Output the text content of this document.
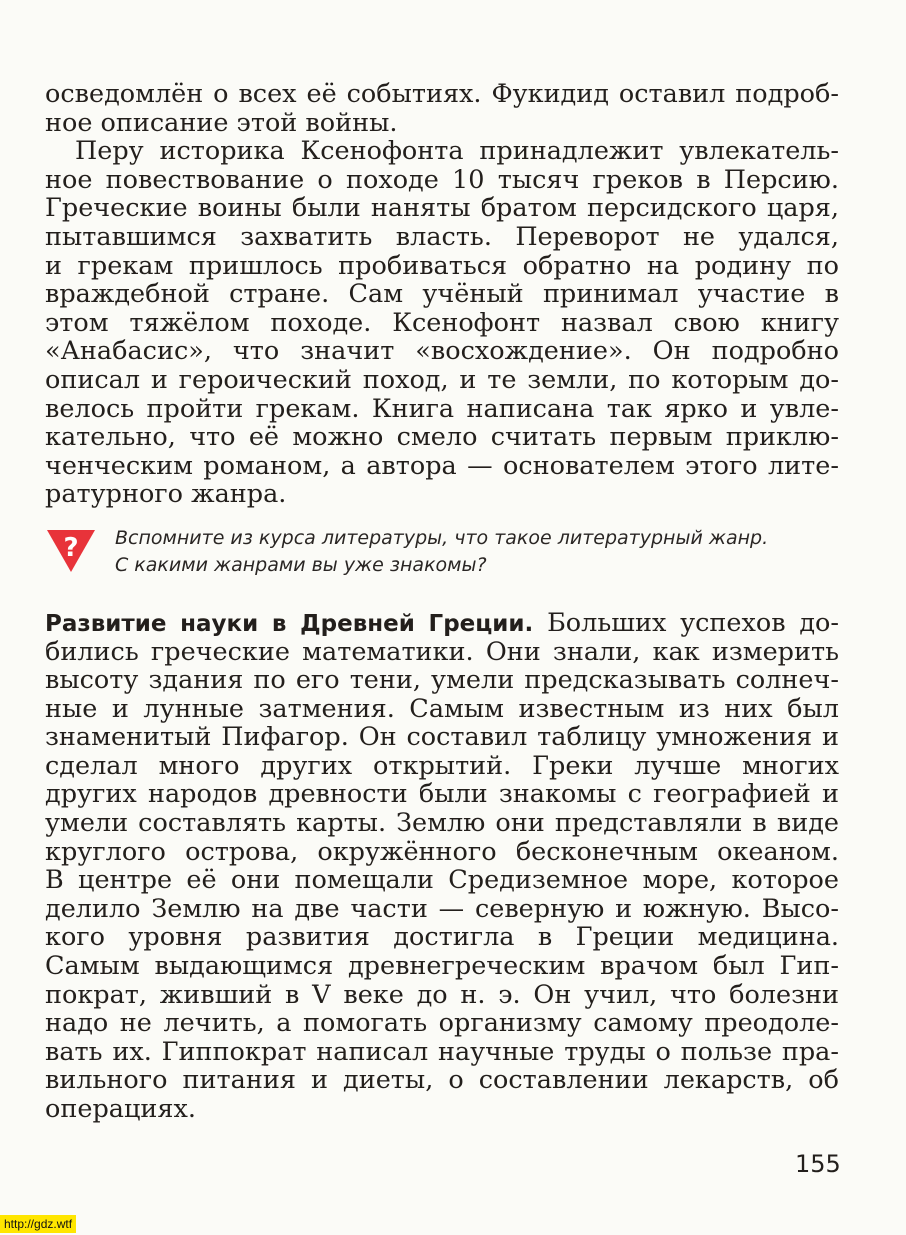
осведомлён о всех её событиях. Фукидид оставил подроб-
ное описание этой войны.
Перу историка Ксенофонта принадлежит увлекатель-
ное повествование о походе 10 тысяч греков в Персию.
Греческие воины были наняты братом персидского царя,
пытавшимся захватить власть. Переворот не удался,
и грекам пришлось пробиваться обратно на родину по
враждебной стране. Сам учёный принимал участие в
этом тяжёлом походе. Ксенофонт назвал свою книгу
«Анабасис», что значит «восхождение». Он подробно
описал и героический поход, и те земли, по которым до-
велось пройти грекам. Книга написана так ярко и увле-
кательно, что её можно смело считать первым приклю-
ченческим романом, а автора — основателем этого лите-
ратурного жанра.
? Вспомните из курса литературы, что такое литературный жанр.
С какими жанрами вы уже знакомы?
Развитие науки в Древней Греции. Больших успехов до-
бились греческие математики. Они знали, как измерить
высоту здания по его тени, умели предсказывать солнеч-
ные и лунные затмения. Самым известным из них был
знаменитый Пифагор. Он составил таблицу умножения и
сделал много других открытий. Греки лучше многих
других народов древности были знакомы с географией и
умели составлять карты. Землю они представляли в виде
круглого острова, окружённого бесконечным океаном.
В центре её они помещали Средиземное море, которое
делило Землю на две части — северную и южную. Высо-
кого уровня развития достигла в Греции медицина.
Самым выдающимся древнегреческим врачом был Гип-
пократ, живший в V веке до н. э. Он учил, что болезни
надо не лечить, а помогать организму самому преодоле-
вать их. Гиппократ написал научные труды о пользе пра-
вильного питания и диеты, о составлении лекарств, об
операциях.
155
http://gdz.wtf
